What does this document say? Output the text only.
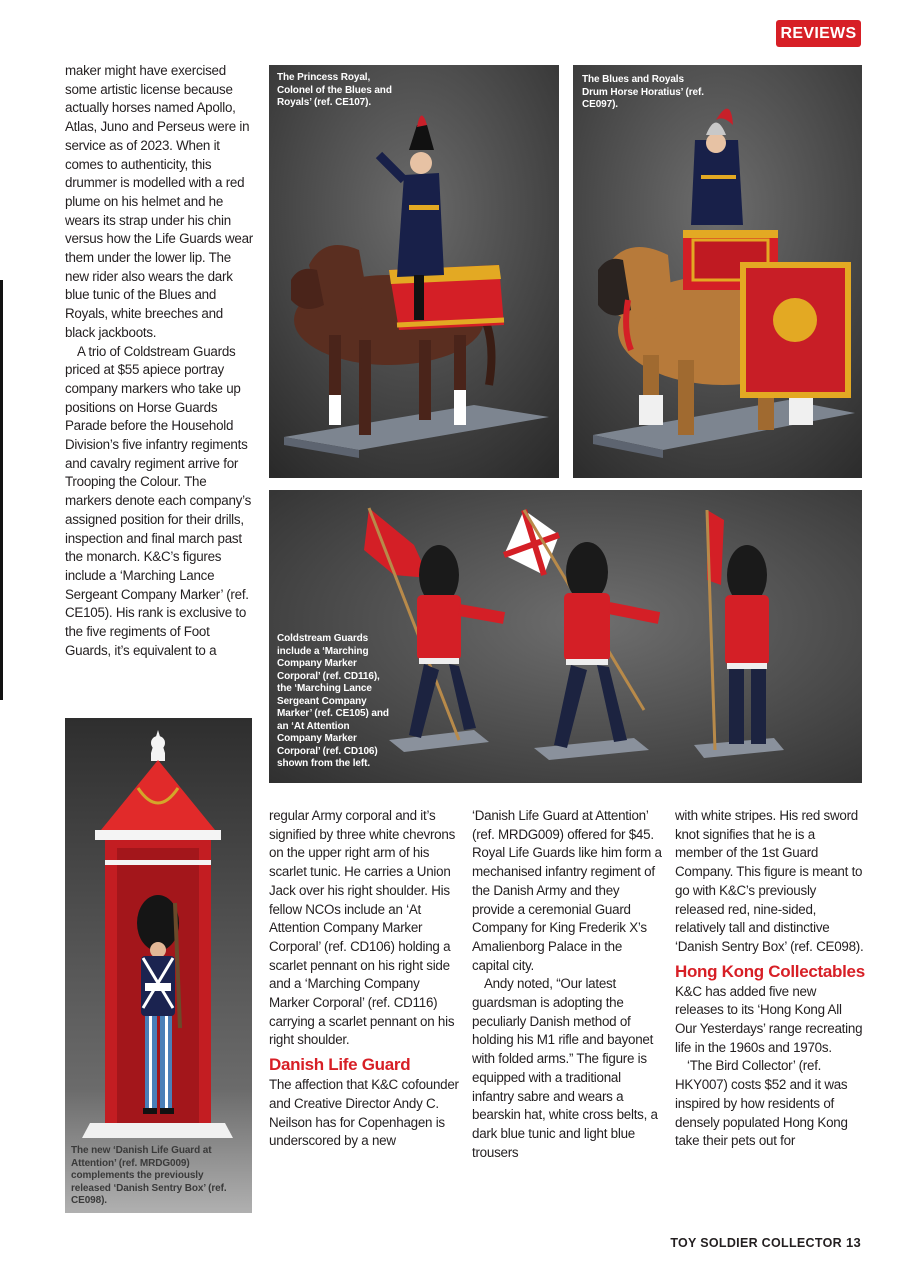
REVIEWS

maker might have exercised some artistic license because actually horses named Apollo, Atlas, Juno and Perseus were in service as of 2023. When it comes to authenticity, this drummer is modelled with a red plume on his helmet and he wears its strap under his chin versus how the Life Guards wear them under the lower lip. The new rider also wears the dark blue tunic of the Blues and Royals, white breeches and black jackboots.

A trio of Coldstream Guards priced at $55 apiece portray company markers who take up positions on Horse Guards Parade before the Household Division’s five infantry regiments and cavalry regiment arrive for Trooping the Colour. The markers denote each company’s assigned position for their drills, inspection and final march past the monarch. K&C’s figures include a ‘Marching Lance Sergeant Company Marker’ (ref. CE105). His rank is exclusive to the five regiments of Foot Guards, it’s equivalent to a

The Princess Royal, Colonel of the Blues and Royals’ (ref. CE107).
The Blues and Royals Drum Horse Horatius’ (ref. CE097).
Coldstream Guards include a ‘Marching Company Marker Corporal’ (ref. CD116), the ‘Marching Lance Sergeant Company Marker’ (ref. CE105) and an ‘At Attention Company Marker Corporal’ (ref. CD106) shown from the left.
The new ‘Danish Life Guard at Attention’ (ref. MRDG009) complements the previously released ‘Danish Sentry Box’ (ref. CE098).

regular Army corporal and it’s signified by three white chevrons on the upper right arm of his scarlet tunic. He carries a Union Jack over his right shoulder. His fellow NCOs include an ‘At Attention Company Marker Corporal’ (ref. CD106) holding a scarlet pennant on his right side and a ‘Marching Company Marker Corporal’ (ref. CD116) carrying a scarlet pennant on his right shoulder.

Danish Life Guard

The affection that K&C cofounder and Creative Director Andy C. Neilson has for Copenhagen is underscored by a new

‘Danish Life Guard at Attention’ (ref. MRDG009) offered for $45. Royal Life Guards like him form a mechanised infantry regiment of the Danish Army and they provide a ceremonial Guard Company for King Frederik X’s Amalienborg Palace in the capital city.

Andy noted, “Our latest guardsman is adopting the peculiarly Danish method of holding his M1 rifle and bayonet with folded arms.” The figure is equipped with a traditional infantry sabre and wears a bearskin hat, white cross belts, a dark blue tunic and light blue trousers

with white stripes. His red sword knot signifies that he is a member of the 1st Guard Company. This figure is meant to go with K&C’s previously released red, nine-sided, relatively tall and distinctive ‘Danish Sentry Box’ (ref. CE098).

Hong Kong Collectables

K&C has added five new releases to its ‘Hong Kong All Our Yesterdays’ range recreating life in the 1960s and 1970s.

‘The Bird Collector’ (ref. HKY007) costs $52 and it was inspired by how residents of densely populated Hong Kong take their pets out for

TOY SOLDIER COLLECTOR 13
